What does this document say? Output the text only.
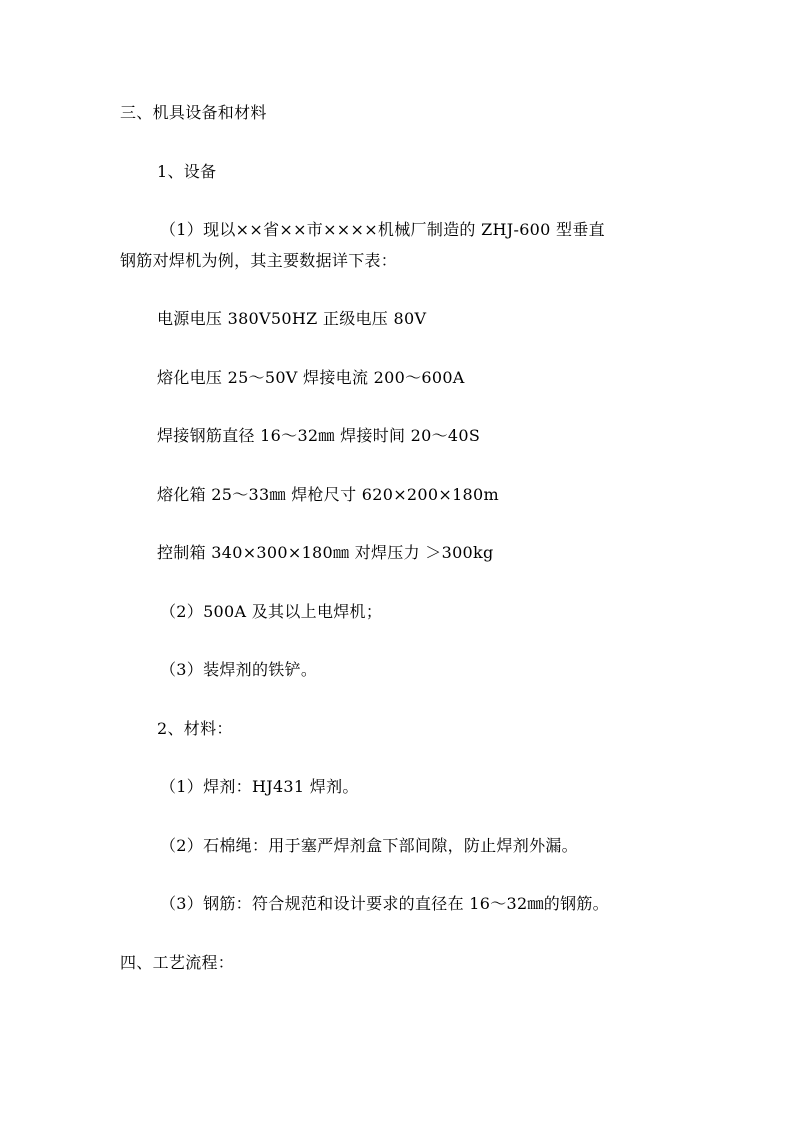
三、机具设备和材料
1、设备
（1）现以××省××市××××机械厂制造的 ZHJ-600 型垂直
钢筋对焊机为例，其主要数据详下表：
电源电压 380V50HZ 正级电压 80V
熔化电压 25～50V 焊接电流 200～600A
焊接钢筋直径 16～32㎜ 焊接时间 20～40S
熔化箱 25～33㎜ 焊枪尺寸 620×200×180m
控制箱 340×300×180㎜ 对焊压力 ＞300kg
（2）500A 及其以上电焊机；
（3）装焊剂的铁铲。
2、材料：
（1）焊剂：HJ431 焊剂。
（2）石棉绳：用于塞严焊剂盒下部间隙，防止焊剂外漏。
（3）钢筋：符合规范和设计要求的直径在 16～32㎜的钢筋。
四、工艺流程：
